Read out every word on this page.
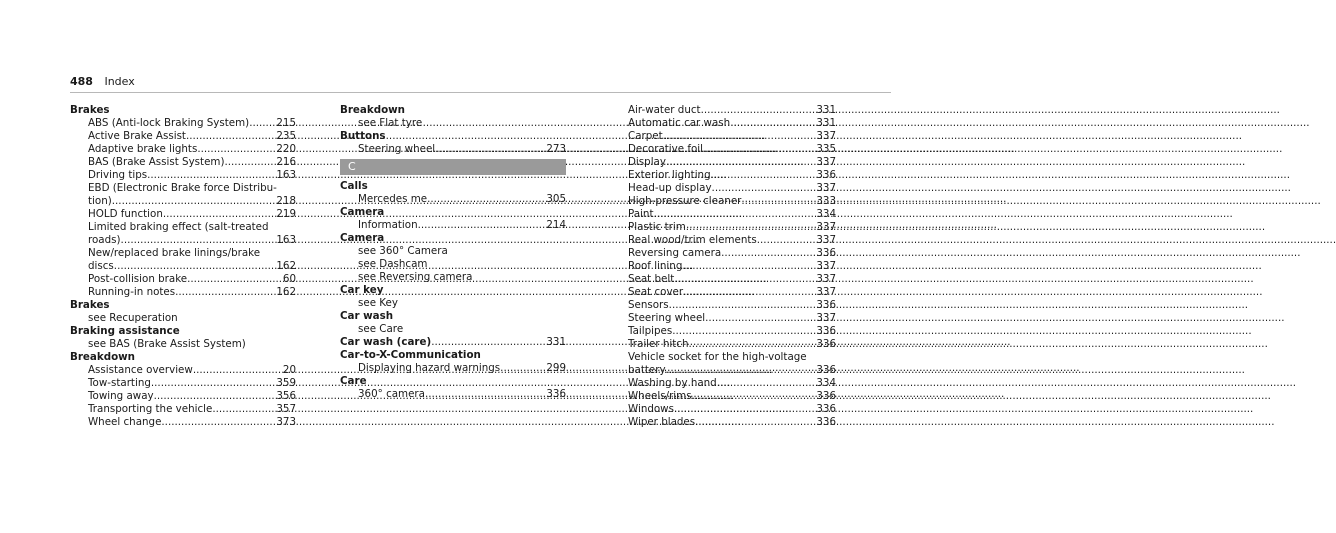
488 Index
Brakes
ABS (Anti-lock Braking System) .....	215
Active Brake Assist .....	235
Adaptive brake lights .....	220
BAS (Brake Assist System) .....	216
Driving tips .....	163
EBD (Electronic Brake force Distribu-
tion) .....	218
HOLD function .....	219
Limited braking effect (salt-treated
roads) .....	163
New/replaced brake linings/brake
discs .....	162
Post-collision brake .....	60
Running-in notes .....	162
Brakes
see Recuperation
Braking assistance
see BAS (Brake Assist System)
Breakdown
Assistance overview .....	20
Tow-starting .....	359
Towing away .....	356
Transporting the vehicle .....	357
Wheel change .....	373
Breakdown
see Flat tyre
Buttons
Steering wheel .....	273
C
Calls
Mercedes me .....	305
Camera
Information .....	214
Camera
see 360° Camera
see Dashcam
see Reversing camera
Car key
see Key
Car wash
see Care
Car wash (care) .....	331
Car-to-X-Communication
Displaying hazard warnings .....	299
Care
360° camera .....	336
Air-water duct .....	331
Automatic car wash .....	331
Carpet .....	337
Decorative foil .....	335
Display .....	337
Exterior lighting .....	336
Head-up display .....	337
High-pressure cleaner .....	333
Paint .....	334
Plastic trim .....	337
Real wood/trim elements .....	337
Reversing camera .....	336
Roof lining .....	337
Seat belt .....	337
Seat cover .....	337
Sensors .....	336
Steering wheel .....	337
Tailpipes .....	336
Trailer hitch .....	336
Vehicle socket for the high-voltage
battery .....	336
Washing by hand .....	334
Wheels/rims .....	336
Windows .....	336
Wiper blades .....	336
